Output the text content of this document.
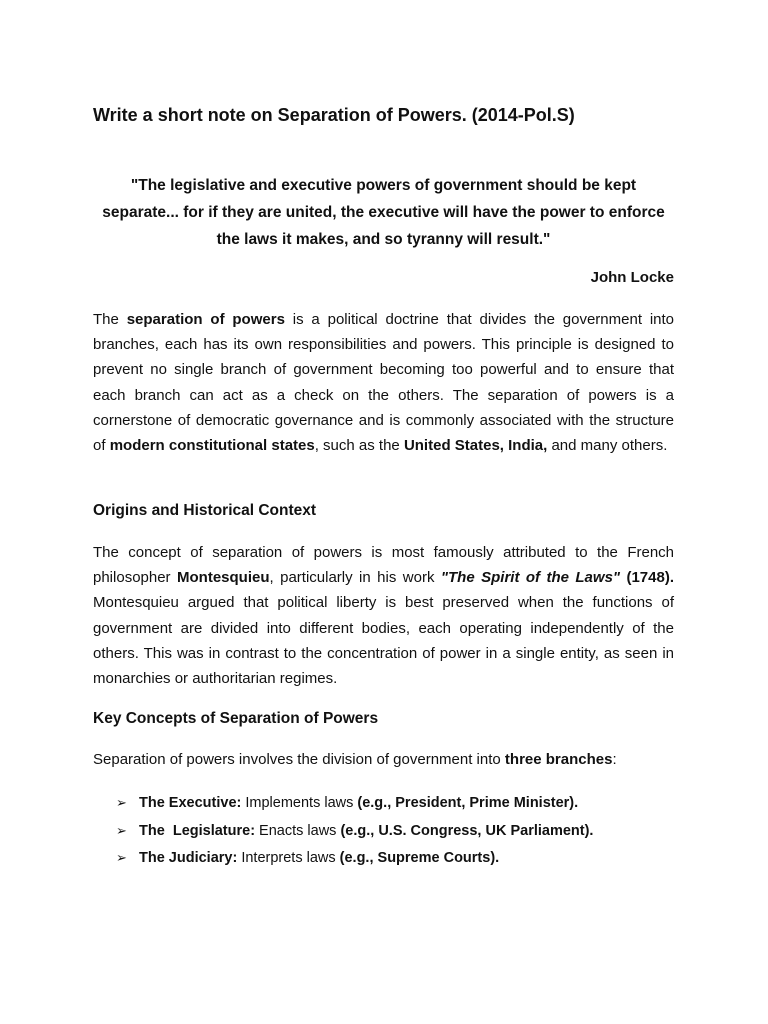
Write a short note on Separation of Powers. (2014-Pol.S)

"The legislative and executive powers of government should be kept separate... for if they are united, the executive will have the power to enforce the laws it makes, and so tyranny will result."

John Locke

The separation of powers is a political doctrine that divides the government into branches, each has its own responsibilities and powers. This principle is designed to prevent no single branch of government becoming too powerful and to ensure that each branch can act as a check on the others. The separation of powers is a cornerstone of democratic governance and is commonly associated with the structure of modern constitutional states, such as the United States, India, and many others.

Origins and Historical Context

The concept of separation of powers is most famously attributed to the French philosopher Montesquieu, particularly in his work "The Spirit of the Laws" (1748). Montesquieu argued that political liberty is best preserved when the functions of government are divided into different bodies, each operating independently of the others. This was in contrast to the concentration of power in a single entity, as seen in monarchies or authoritarian regimes.

Key Concepts of Separation of Powers

Separation of powers involves the division of government into three branches:

➢ The Executive: Implements laws (e.g., President, Prime Minister).
➢ The  Legislature: Enacts laws (e.g., U.S. Congress, UK Parliament).
➢ The Judiciary: Interprets laws (e.g., Supreme Courts).
